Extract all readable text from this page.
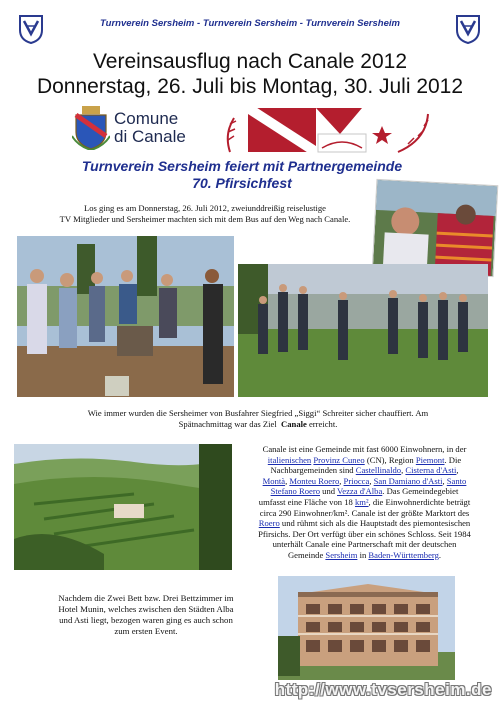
Turnverein Sersheim - Turnverein Sersheim - Turnverein Sersheim
Vereinsausflug nach Canale 2012
Donnerstag, 26. Juli bis Montag, 30. Juli 2012
Comune
di Canale
Turnverein Sersheim feiert mit Partnergemeinde
70. Pfirsichfest
Los ging es am Donnerstag, 26. Juli 2012, zweiunddreißig reiselustige
TV Mitglieder und Sersheimer machten sich mit dem Bus auf den Weg nach Canale.
Wie immer wurden die Sersheimer von Busfahrer Siegfried „Siggi“ Schreiter sicher chauffiert. Am
Spätnachmittag war das Ziel Canale erreicht.
Canale ist eine Gemeinde mit fast 6000 Einwohnern, in der
italienischen Provinz Cuneo (CN), Region Piemont. Die
Nachbargemeinden sind Castellinaldo, Cisterna d'Asti,
Montà, Monteu Roero, Priocca, San Damiano d'Asti, Santo
Stefano Roero und Vezza d'Alba. Das Gemeindegebiet
umfasst eine Fläche von 18 km², die Einwohnerdichte beträgt
circa 290 Einwohner/km². Canale ist der größte Marktort des
Roero und rühmt sich als die Hauptstadt des piemontesischen
Pfirsichs. Der Ort verfügt über ein schönes Schloss. Seit 1984
unterhält Canale eine Partnerschaft mit der deutschen
Gemeinde Sersheim in Baden-Württemberg.
Nachdem die Zwei Bett bzw. Drei Bettzimmer im
Hotel Munin, welches zwischen den Städten Alba
und Asti liegt, bezogen waren ging es auch schon
zum ersten Event.
http://www.tvsersheim.de
